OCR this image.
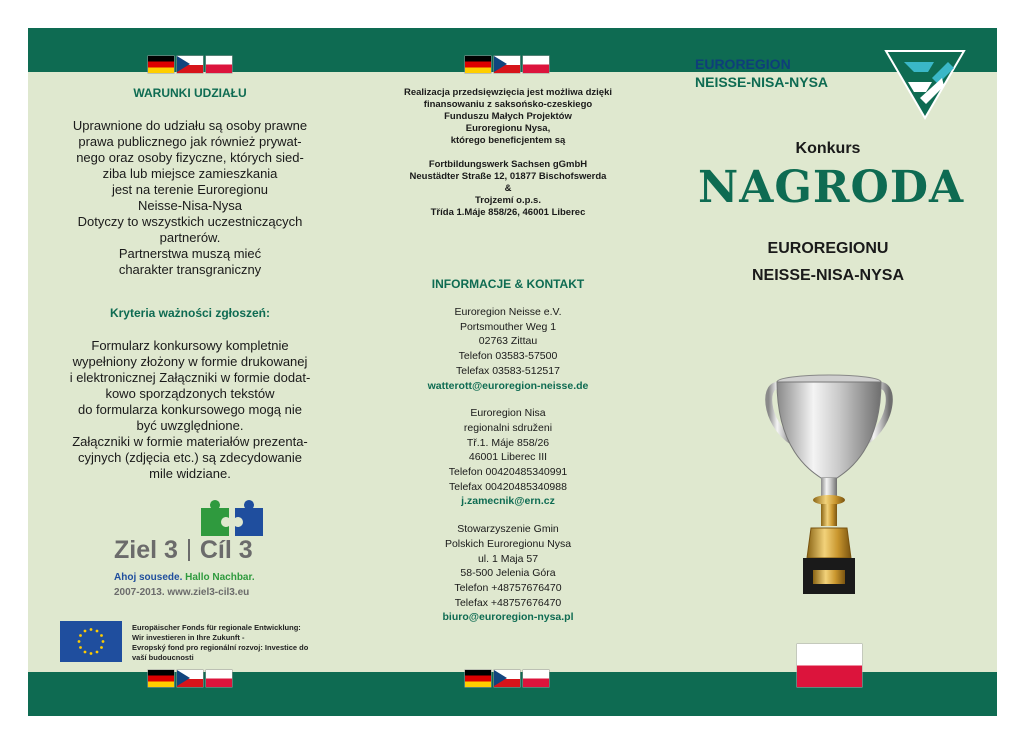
WARUNKI UDZIAŁU
Uprawnione do udziału są osoby prawne
prawa publicznego jak również prywat-
nego oraz osoby fizyczne, których sied-
ziba lub miejsce zamieszkania
jest na terenie Euroregionu
Neisse-Nisa-Nysa
Dotyczy to wszystkich uczestniczących
partnerów.
Partnerstwa muszą mieć
charakter transgraniczny
Kryteria ważności zgłoszeń:
Formularz konkursowy kompletnie
wypełniony złożony w formie drukowanej
i elektronicznej Załączniki w formie dodat-
kowo sporządzonych tekstów
do formularza konkursowego mogą nie
być uwzględnione.
Załączniki w formie materiałów prezenta-
cyjnych (zdjęcia etc.) są zdecydowanie
mile widziane.
Ziel 3 Cíl 3
Ahoj sousede. Hallo Nachbar.
2007-2013. www.ziel3-cil3.eu
Europäischer Fonds für regionale Entwicklung:
Wir investieren in Ihre Zukunft -
Evropský fond pro regionální rozvoj: Investice do
vaší budoucnosti
Realizacja przedsięwzięcia jest możliwa dzięki
finansowaniu z saksońsko-czeskiego
Funduszu Małych Projektów
Euroregionu Nysa,
którego beneficjentem są
Fortbildungswerk Sachsen gGmbH
Neustädter Straße 12, 01877 Bischofswerda
&
Trojzemí o.p.s.
Třída 1.Máje 858/26, 46001 Liberec
INFORMACJE & KONTAKT
Euroregion Neisse e.V.
Portsmouther Weg 1
02763 Zittau
Telefon 03583-57500
Telefax 03583-512517
watterott@euroregion-neisse.de
Euroregion Nisa
regionalni sdruženi
Tř.1. Máje 858/26
46001 Liberec III
Telefon 00420485340991
Telefax 00420485340988
j.zamecnik@ern.cz
Stowarzyszenie Gmin
Polskich Euroregionu Nysa
ul. 1 Maja 57
58-500 Jelenia Góra
Telefon +48757676470
Telefax +48757676470
biuro@euroregion-nysa.pl
EUROREGION
NEISSE-NISA-NYSA
Konkurs
NAGRODA
EUROREGIONU
NEISSE-NISA-NYSA
